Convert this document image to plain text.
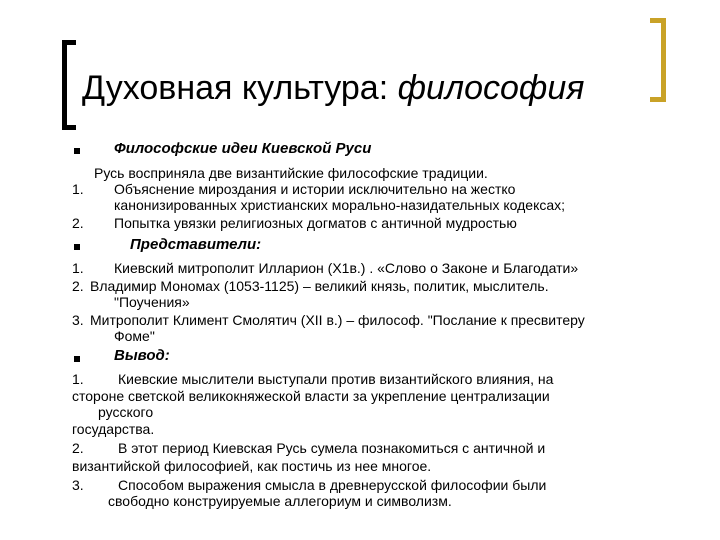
Духовная культура: философия
Философские идеи Киевской Руси
Русь восприняла две византийские философские традиции.
1. Объяснение мироздания и истории исключительно на жестко
канонизированных христианских морально-назидательных кодексах;
2. Попытка увязки религиозных догматов с античной мудростью
Представители:
1. Киевский митрополит Илларион (X1в.) . «Слово о Законе и Благодати»
2. Владимир Мономах (1053-1125) – великий князь, политик, мыслитель.
"Поучения»
3. Митрополит Климент Смолятич (XII в.) – философ. "Послание к пресвитеру
Фоме"
Вывод:
1. Киевские мыслители выступали против византийского влияния, на
стороне светской великокняжеской власти за укрепление централизации
русского
государства.
2. В этот период Киевская Русь сумела познакомиться с античной и
византийской философией, как постичь из нее многое.
3. Способом выражения смысла в древнерусской философии были
свободно конструируемые аллегориум и символизм.
